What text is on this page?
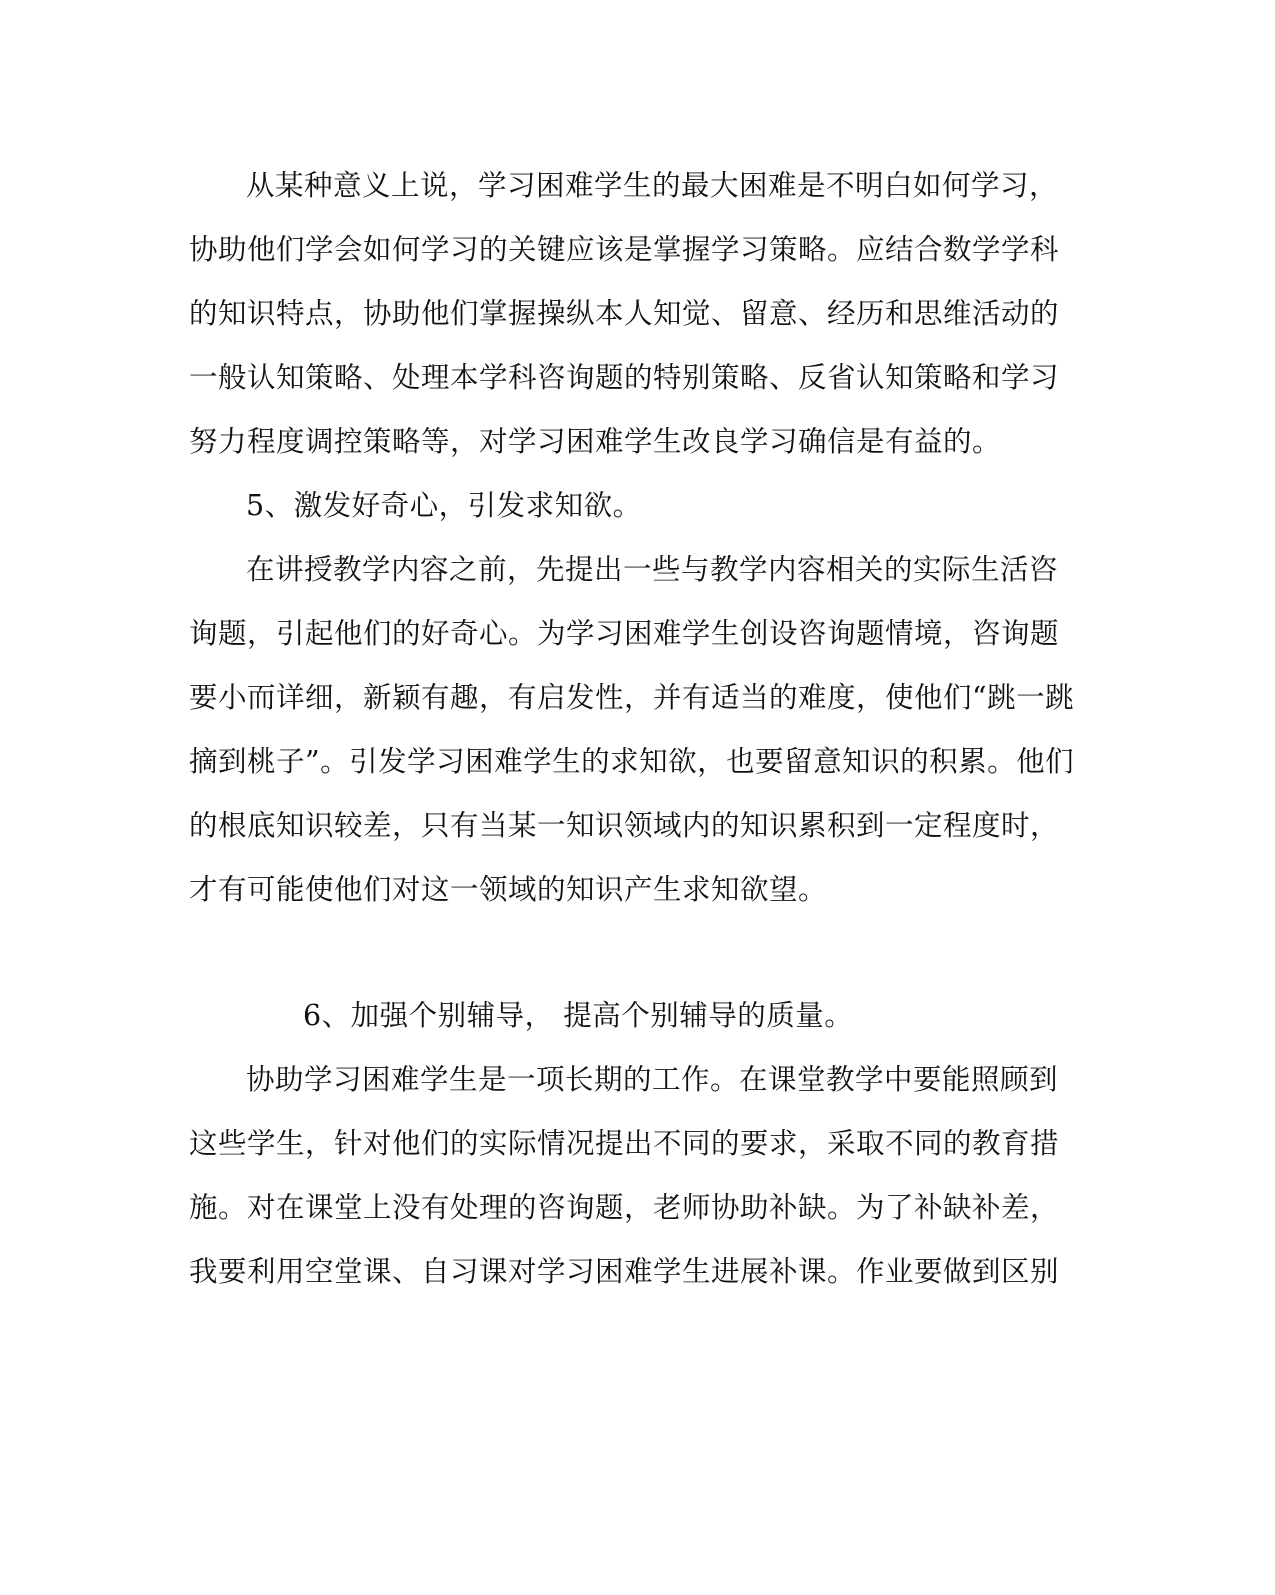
从某种意义上说，学习困难学生的最大困难是不明白如何学习，

协助他们学会如何学习的关键应该是掌握学习策略。应结合数学学科

的知识特点，协助他们掌握操纵本人知觉、留意、经历和思维活动的

一般认知策略、处理本学科咨询题的特别策略、反省认知策略和学习

努力程度调控策略等，对学习困难学生改良学习确信是有益的。

5、激发好奇心，引发求知欲。

在讲授教学内容之前，先提出一些与教学内容相关的实际生活咨

询题，引起他们的好奇心。为学习困难学生创设咨询题情境，咨询题

要小而详细，新颖有趣，有启发性，并有适当的难度，使他们“跳一跳

摘到桃子”。引发学习困难学生的求知欲，也要留意知识的积累。他们

的根底知识较差，只有当某一知识领域内的知识累积到一定程度时，

才有可能使他们对这一领域的知识产生求知欲望。

6、加强个别辅导， 提高个别辅导的质量。

协助学习困难学生是一项长期的工作。在课堂教学中要能照顾到

这些学生，针对他们的实际情况提出不同的要求，采取不同的教育措

施。对在课堂上没有处理的咨询题，老师协助补缺。为了补缺补差，

我要利用空堂课、自习课对学习困难学生进展补课。作业要做到区别
